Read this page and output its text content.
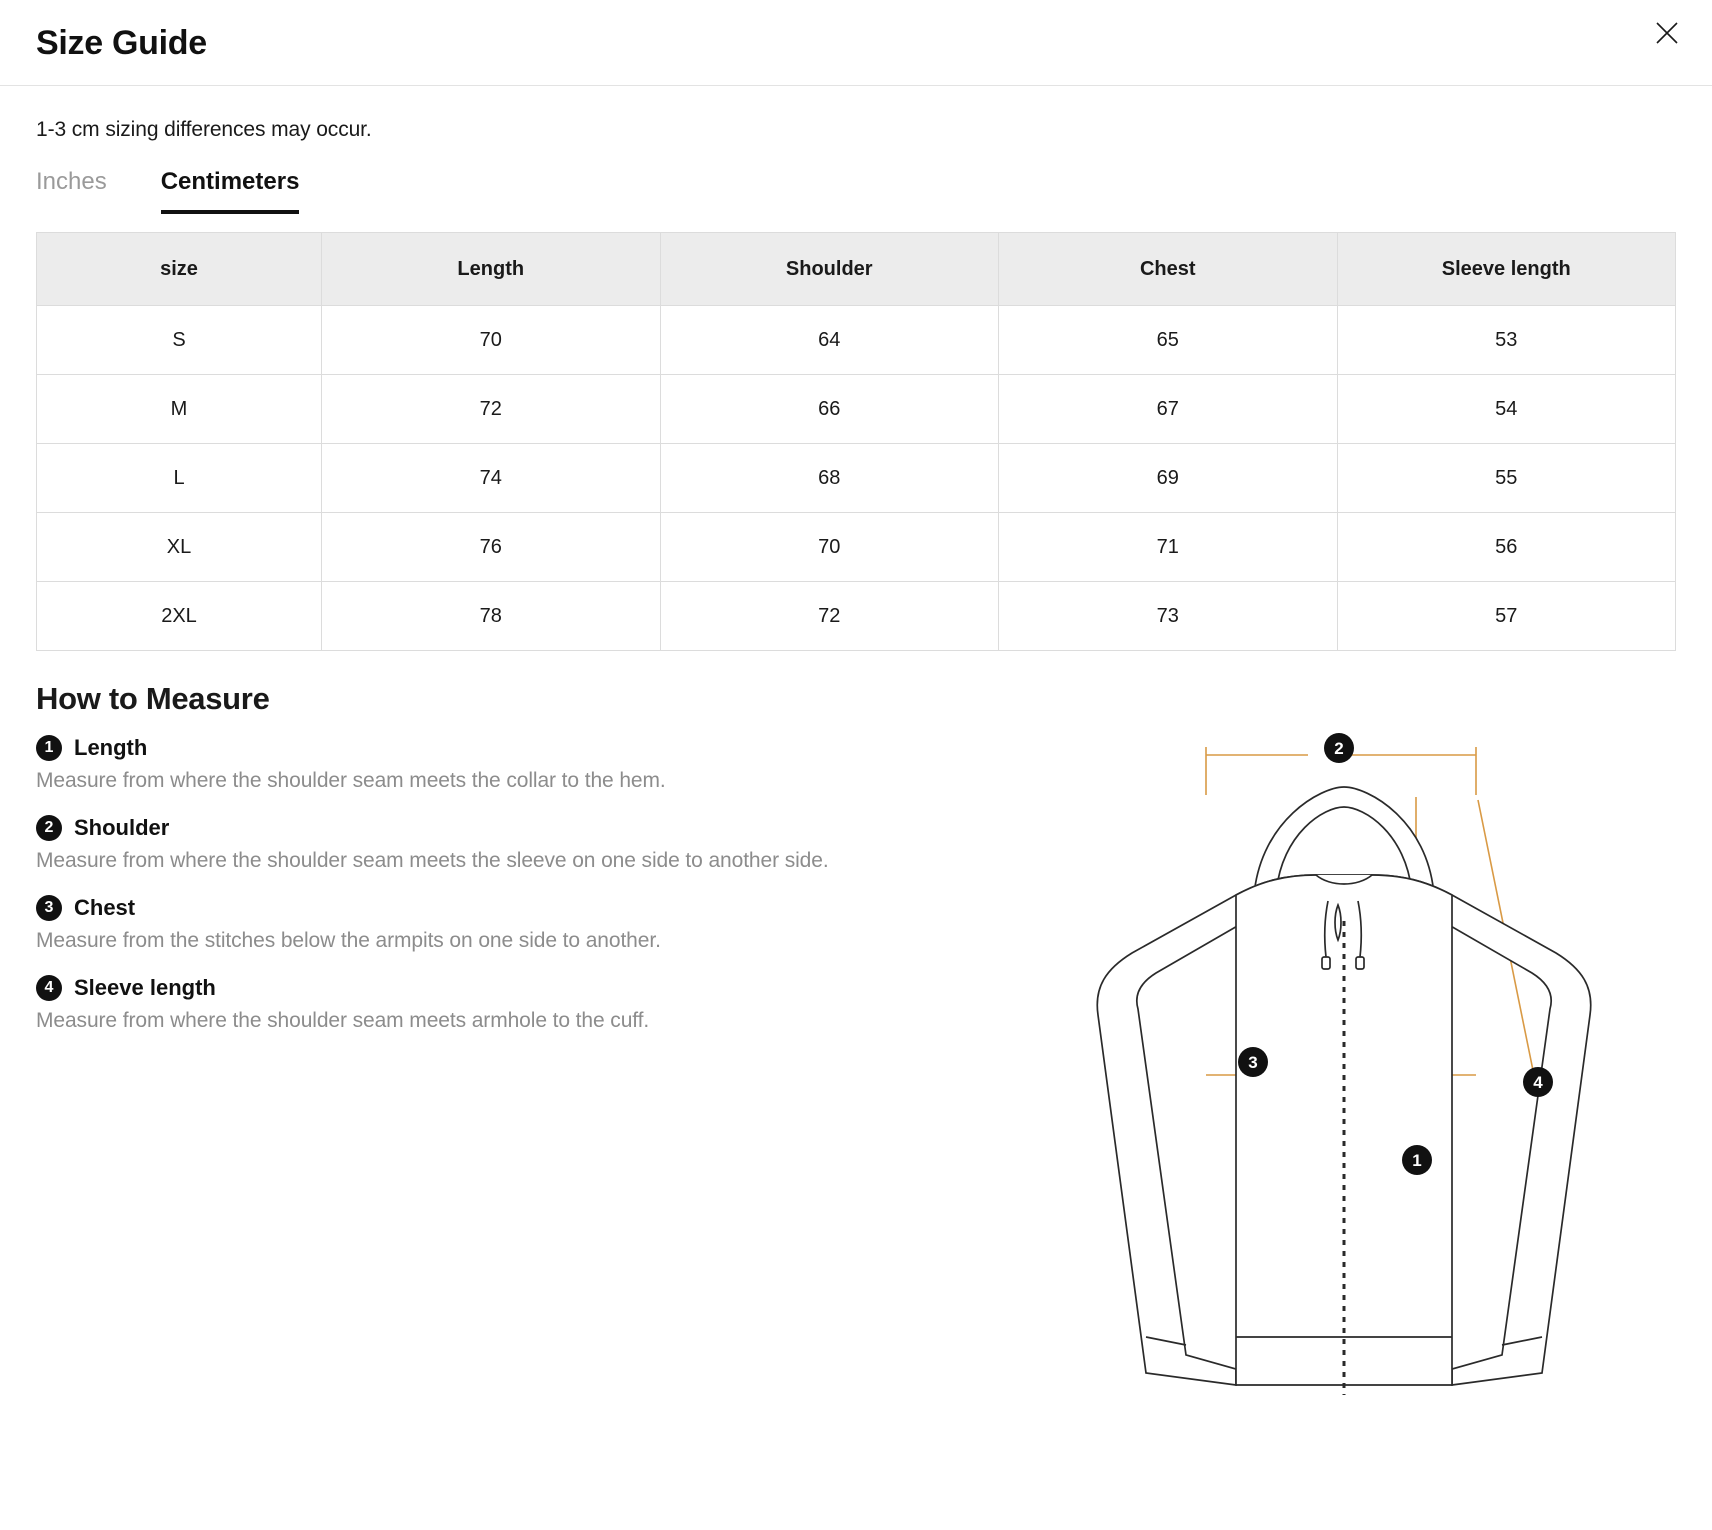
Size Guide

1-3 cm sizing differences may occur.

Inches Centimeters
size	Length	Shoulder	Chest	Sleeve length
S	70	64	65	53
M	72	66	67	54
L	74	68	69	55
XL	76	70	71	56
2XL	78	72	73	57
How to Measure
1 Length

Measure from where the shoulder seam meets the collar to the hem.

2 Shoulder

Measure from where the shoulder seam meets the sleeve on one side to another side.

3 Chest

Measure from the stitches below the armpits on one side to another.

4 Sleeve length

Measure from where the shoulder seam meets armhole to the cuff.

2
3
4
1
